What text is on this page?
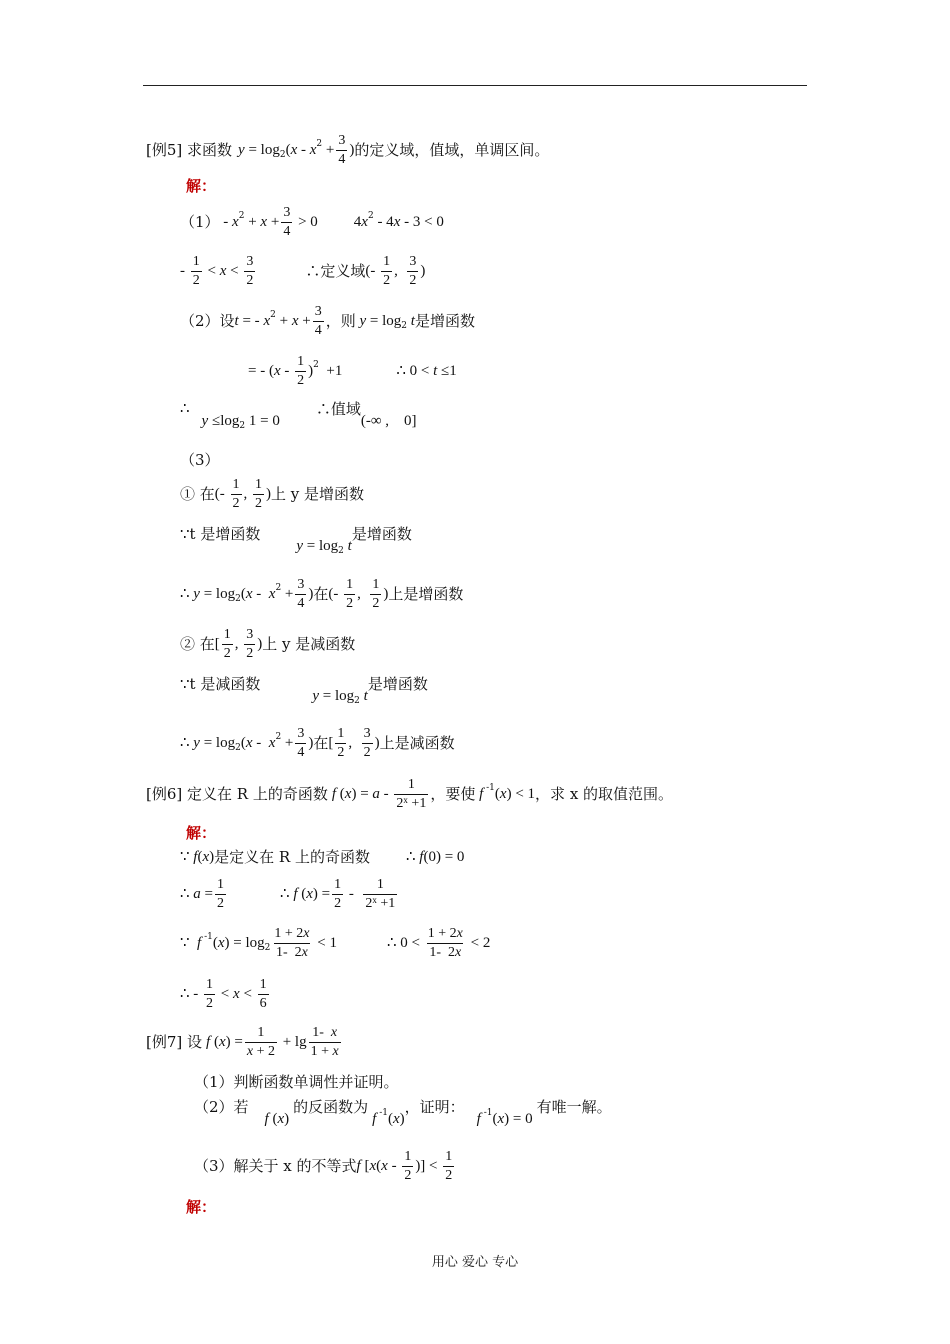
[例5] 求函数 y = log 2 ( x - x $2 + \frac{3}{4}$ ) 的定义域，值域，单调区间。
解：
（1） - x $2 + x + \frac{3}{4} > 0$ 4 x 2 - 4 x - 3 < 0
- $\frac{1}{2} < x < \frac{3}{2}$	∴定义域 (- $\frac{1}{2}$ , $\frac{3}{2}$ )
（2）设 t = - x $2 + x + \frac{3}{4}$ ，则 y = log 2 t 是增函数
= - ( x - $\frac{1}{2}$ ) 2 +1	∴ 0 < t ≤1
∴
y ≤log 2 1 = 0
∴值域
(-∞ ,    0]
（3）
① 在 (- $\frac{1}{2}$ , $\frac{1}{2}$ ) 上 y 是增函数
∵t 是增函数
y = log 2 t
是增函数
∴ y = log 2 ( x - x $2 + \frac{3}{4}$ ) 在 (- $\frac{1}{2}$ , $\frac{1}{2}$ ) 上是增函数
② 在 [ $\frac{1}{2}$ , $\frac{3}{2}$ ) 上 y 是减函数
∵t 是减函数
y = log 2 t
是增函数
∴ y = log 2 ( x - x $2 + \frac{3}{4}$ ) 在 [ $\frac{1}{2}$ , $\frac{3}{2}$ ) 上是减函数
[例6] 定义在 R 上的奇函数 f ( x ) = a - $\frac{1}{2^x +1}$ ，要使 f -1 ( x ) < 1 ，求 x 的取值范围。
解：
∵ f ( x ) 是定义在 R 上的奇函数 ∴ f (0) = 0
∴ $a = \frac{1}{2}$	∴ f ( x ) = $\frac{1}{2} - \frac{1}{2^x +1}$
∵ f -1 ( x ) = $\log 2 \frac{1 + 2x}{1- 2x} < 1$	∴ $0 < \frac{1 + 2x}{1- 2x} < 2$
∴ - $\frac{1}{2} < x < \frac{1}{6}$
[例7] 设 f ( x ) = $\frac{1}{x + 2} + \lg \frac{1- x}{1 + x}$
（1）判断函数单调性并证明。
（2）若
f ( x )
的反函数为
f -1 ( x )
，证明：
f -1 ( x ) = 0
有唯一解。
（3）解关于 x 的不等式 f [ x ( x - $\frac{1}{2}$ )] < $\frac{1}{2}$
解：
用心 爱心 专心
